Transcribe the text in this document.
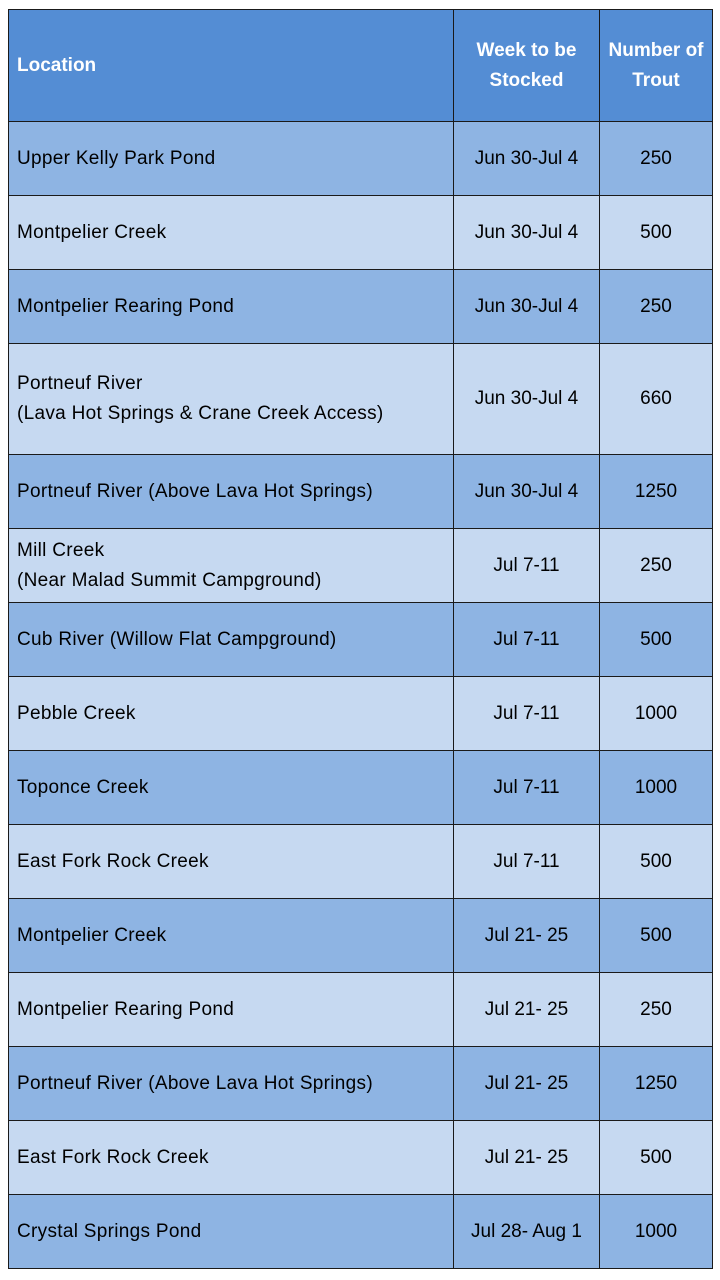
Location	Week to be Stocked	Number of Trout

Upper Kelly Park Pond	Jun 30-Jul 4	250

Montpelier Creek	Jun 30-Jul 4	500

Montpelier Rearing Pond	Jun 30-Jul 4	250

Portneuf River
(Lava Hot Springs & Crane Creek Access)	Jun 30-Jul 4	660

Portneuf River (Above Lava Hot Springs)	Jun 30-Jul 4	1250

Mill Creek
(Near Malad Summit Campground)	Jul 7-11	250

Cub River (Willow Flat Campground)	Jul 7-11	500

Pebble Creek	Jul 7-11	1000

Toponce Creek	Jul 7-11	1000

East Fork Rock Creek	Jul 7-11	500

Montpelier Creek	Jul 21- 25	500

Montpelier Rearing Pond	Jul 21- 25	250

Portneuf River (Above Lava Hot Springs)	Jul 21- 25	1250

East Fork Rock Creek	Jul 21- 25	500

Crystal Springs Pond	Jul 28- Aug 1	1000
